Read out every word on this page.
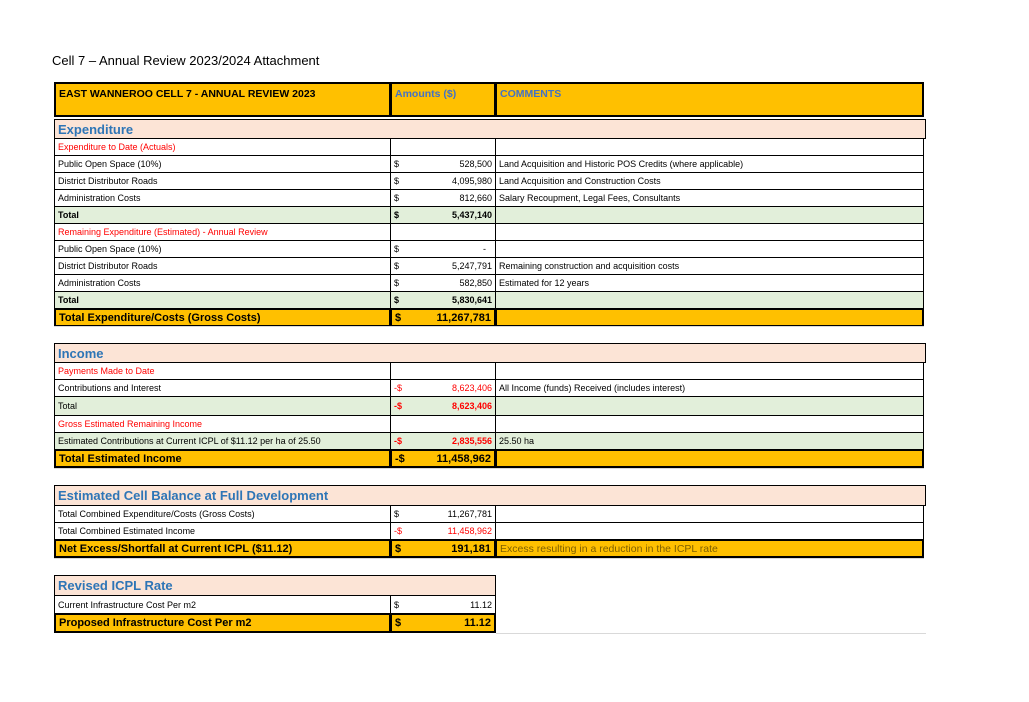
Cell 7 – Annual Review 2023/2024 Attachment
EAST WANNEROO CELL 7 - ANNUAL REVIEW 2023	Amounts ($)	COMMENTS
Expenditure
Expenditure to Date (Actuals)
Public Open Space (10%)	$	528,500 Land Acquisition and Historic POS Credits (where applicable)
District Distributor Roads	$	4,095,980 Land Acquisition and Construction Costs
Administration Costs	$	812,660 Salary Recoupment, Legal Fees, Consultants
Total	$	5,437,140
Remaining Expenditure (Estimated) - Annual Review
Public Open Space (10%)	$	-
District Distributor Roads	$	5,247,791 Remaining construction and acquisition costs
Administration Costs	$	582,850 Estimated for 12 years
Total	$	5,830,641
Total Expenditure/Costs (Gross Costs)	$	11,267,781
Income
Payments Made to Date
Contributions and Interest	-$	8,623,406 All Income (funds) Received (includes interest)
Total	-$	8,623,406
Gross Estimated Remaining Income
Estimated Contributions at Current ICPL of $11.12 per ha of 25.50	-$	2,835,556 25.50 ha
Total Estimated Income	-$	11,458,962
Estimated Cell Balance at Full Development
Total Combined Expenditure/Costs (Gross Costs)	$	11,267,781
Total Combined Estimated Income	-$	11,458,962
Net Excess/Shortfall at Current ICPL ($11.12)	$	191,181 Excess resulting in a reduction in the ICPL rate
Revised ICPL Rate
Current Infrastructure Cost Per m2	$	11.12
Proposed Infrastructure Cost Per m2	$	11.12
